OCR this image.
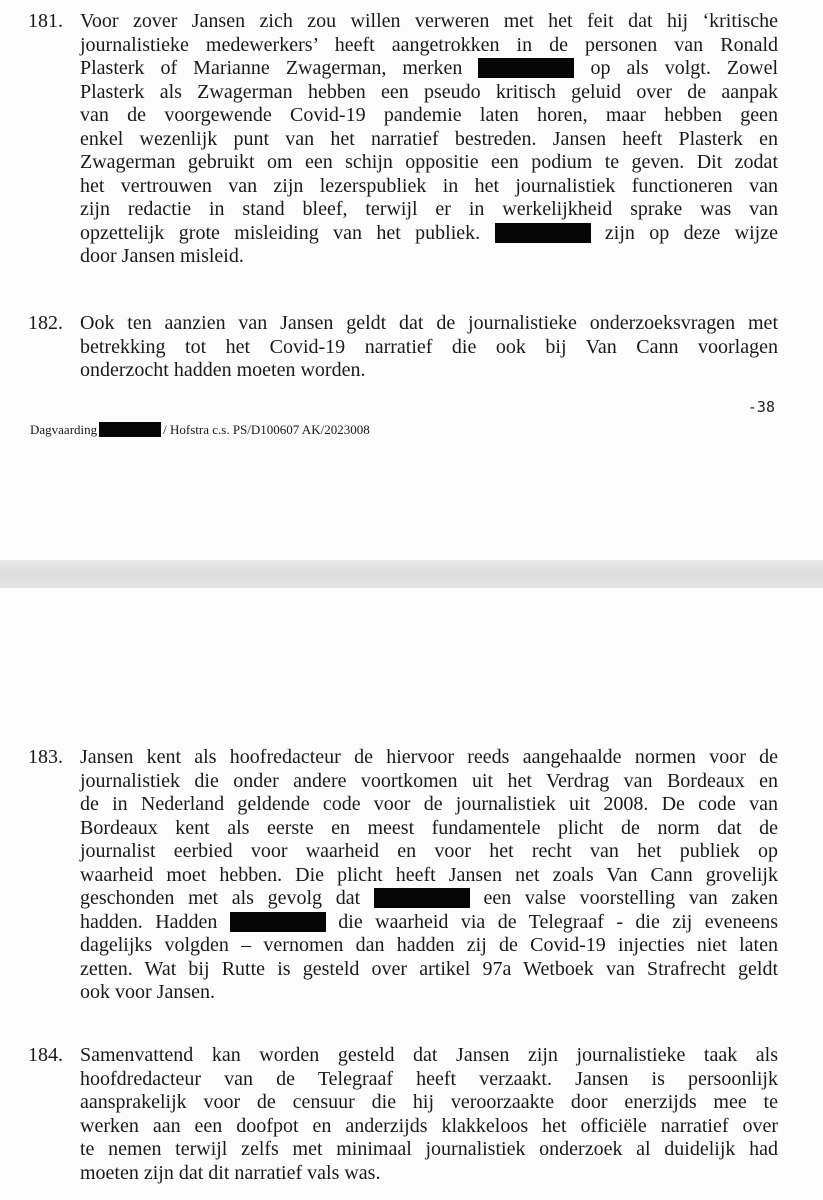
181. Voor zover Jansen zich zou willen verweren met het feit dat hij ‘kritische
journalistieke medewerkers’ heeft aangetrokken in de personen van Ronald
Plasterk of Marianne Zwagerman, merken	op als volgt. Zowel
Plasterk als Zwagerman hebben een pseudo kritisch geluid over de aanpak
van de voorgewende Covid-19 pandemie laten horen, maar hebben geen
enkel wezenlijk punt van het narratief bestreden. Jansen heeft Plasterk en
Zwagerman gebruikt om een schijn oppositie een podium te geven. Dit zodat
het vertrouwen van zijn lezerspubliek in het journalistiek functioneren van
zijn redactie in stand bleef, terwijl er in werkelijkheid sprake was van
opzettelijk grote misleiding van het publiek.	zijn op deze wijze
door Jansen misleid.
182. Ook ten aanzien van Jansen geldt dat de journalistieke onderzoeksvragen met
betrekking tot het Covid-19 narratief die ook bij Van Cann voorlagen
onderzocht hadden moeten worden.
-38
Dagvaarding	/ Hofstra c.s. PS/D100607 AK/2023008
183. Jansen kent als hoofredacteur de hiervoor reeds aangehaalde normen voor de
journalistiek die onder andere voortkomen uit het Verdrag van Bordeaux en
de in Nederland geldende code voor de journalistiek uit 2008. De code van
Bordeaux kent als eerste en meest fundamentele plicht de norm dat de
journalist eerbied voor waarheid en voor het recht van het publiek op
waarheid moet hebben. Die plicht heeft Jansen net zoals Van Cann grovelijk
geschonden met als gevolg dat	een valse voorstelling van zaken
hadden. Hadden	die waarheid via de Telegraaf - die zij eveneens
dagelijks volgden – vernomen dan hadden zij de Covid-19 injecties niet laten
zetten. Wat bij Rutte is gesteld over artikel 97a Wetboek van Strafrecht geldt
ook voor Jansen.
184. Samenvattend kan worden gesteld dat Jansen zijn journalistieke taak als
hoofdredacteur van de Telegraaf heeft verzaakt. Jansen is persoonlijk
aansprakelijk voor de censuur die hij veroorzaakte door enerzijds mee te
werken aan een doofpot en anderzijds klakkeloos het officiële narratief over
te nemen terwijl zelfs met minimaal journalistiek onderzoek al duidelijk had
moeten zijn dat dit narratief vals was.
